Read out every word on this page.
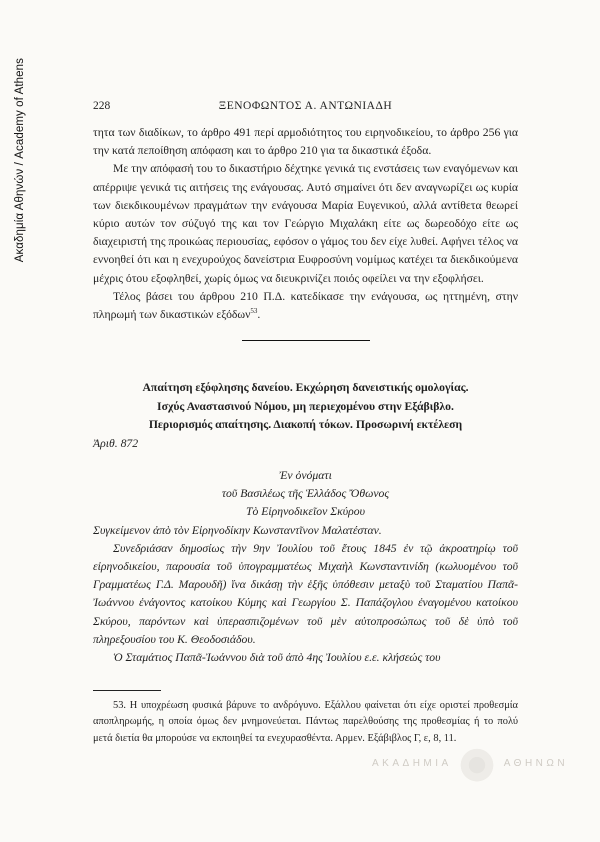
Ακαδημία Αθηνών / Academy of Athens	ΞΕΝΟΦΩΝΤΟΣ Α. ΑΝΤΩΝΙΑΔΗ
228

τητα των διαδίκων, το άρθρο 491 περί αρμοδιότητος του ειρηνοδικείου, το άρθρο 256 για την κατά πεποίθηση απόφαση και το άρθρο 210 για τα δικαστικά έξοδα.

Με την απόφασή του το δικαστήριο δέχτηκε γενικά τις ενστάσεις των εναγόμενων και απέρριψε γενικά τις αιτήσεις της ενάγουσας. Αυτό σημαίνει ότι δεν αναγνωρίζει ως κυρία των διεκδικουμένων πραγμάτων την ενάγουσα Μαρία Ευγενικού, αλλά αντίθετα θεωρεί κύριο αυτών τον σύζυγό της και τον Γεώργιο Μιχαλάκη είτε ως δωρεοδόχο είτε ως διαχειριστή της προικώας περιουσίας, εφόσον ο γάμος του δεν είχε λυθεί. Αφήνει τέλος να εννοηθεί ότι και η ενεχυρούχος δανείστρια Ευφροσύνη νομίμως κατέχει τα διεκδικούμενα μέχρις ότου εξοφληθεί, χωρίς όμως να διευκρινίζει ποιός οφείλει να την εξοφλήσει.

Τέλος βάσει του άρθρου 210 Π.Δ. κατεδίκασε την ενάγουσα, ως ηττημένη, στην πληρωμή των δικαστικών εξόδων$^{53}$.

Απαίτηση εξόφλησης δανείου. Εκχώρηση δανειστικής ομολογίας.
Ισχύς Αναστασινού Νόμου, μη περιεχομένου στην Εξάβιβλο.
Περιορισμός απαίτησης. Διακοπή τόκων. Προσωρινή εκτέλεση

Ἀριθ. 872

Ἐν ὀνόματι
τοῦ Βασιλέως τῆς Ἑλλάδος Ὄθωνος

Τὸ Εἰρηνοδικεῖον Σκύρου

Συγκείμενον ἀπὸ τὸν Εἰρηνοδίκην Κωνσταντῖνον Μαλατέσταν.

Συνεδριάσαν δημοσίως τὴν 9ην Ἰουλίου τοῦ ἔτους 1845 ἐν τῷ ἀκροατηρίῳ τοῦ εἰρηνοδικείου, παρουσία τοῦ ὑπογραμματέως Μιχαὴλ Κωνσταντινίδη (κωλυομένου τοῦ Γραμματέως Γ.Δ. Μαρουδῆ) ἵνα δικάσῃ τὴν ἑξῆς ὑπόθεσιν μεταξὺ τοῦ Σταματίου Παπᾶ-Ἰωάννου ἐνάγοντος κατοίκου Κύμης καὶ Γεωργίου Σ. Παπάζογλου ἐναγομένου κατοίκου Σκύρου, παρόντων καὶ ὑπερασπιζομένων τοῦ μὲν αὐτοπροσώπως τοῦ δὲ ὑπὸ τοῦ πληρεξουσίου του Κ. Θεοδοσιάδου.

Ὁ Σταμάτιος Παπᾶ-Ἰωάννου διὰ τοῦ ἀπὸ 4ης Ἰουλίου ε.ε. κλήσεώς του

53. Η υποχρέωση φυσικά βάρυνε το ανδρόγυνο. Εξάλλου φαίνεται ότι είχε οριστεί προθεσμία αποπληρωμής, η οποία όμως δεν μνημονεύεται. Πάντως παρελθούσης της προθεσμίας ή το πολύ μετά διετία θα μπορούσε να εκποιηθεί τα ενεχυρασθέντα. Αρμεν. Εξάβιβλος Γ, ε, 8, 11.
ΑΚΑΔΗΜΙΑ	ΑΘΗΝΩΝ
